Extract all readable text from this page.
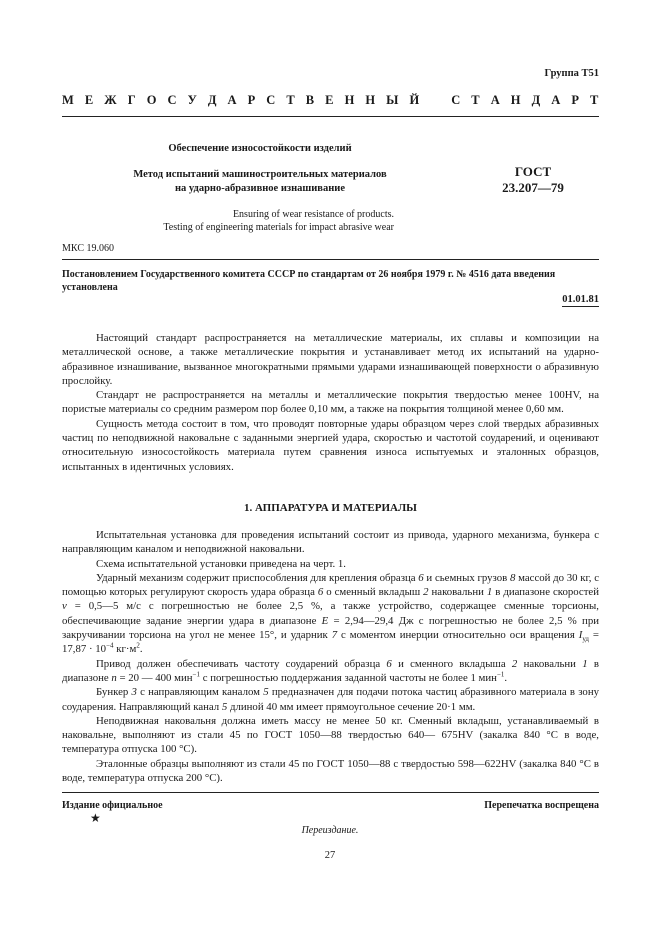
Группа Т51
М Е Ж Г О С У Д А Р С Т В Е Н Н Ы Й   С Т А Н Д А Р Т
Обеспечение износостойкости изделий
Метод испытаний машиностроительных материалов
на ударно-абразивное изнашивание
ГОСТ
23.207—79
Ensuring of wear resistance of products.
Testing of engineering materials for impact abrasive wear
МКС 19.060
Постановлением Государственного комитета СССР по стандартам от 26 ноября 1979 г. № 4516 дата введения
установлена
01.01.81

Настоящий стандарт распространяется на металлические материалы, их сплавы и композиции на металлической основе, а также металлические покрытия и устанавливает метод их испытаний на ударно-абразивное изнашивание, вызванное многократными прямыми ударами изнашивающей поверхности о абразивную прослойку.

Стандарт не распространяется на металлы и металлические покрытия твердостью менее 100HV, на пористые материалы со средним размером пор более 0,10 мм, а также на покрытия толщиной менее 0,60 мм.

Сущность метода состоит в том, что проводят повторные удары образцом через слой твердых абразивных частиц по неподвижной наковальне с заданными энергией удара, скоростью и частотой соударений, и оценивают относительную износостойкость материала путем сравнения износа испытуемых и эталонных образцов, испытанных в идентичных условиях.

1. АППАРАТУРА И МАТЕРИАЛЫ

Испытательная установка для проведения испытаний состоит из привода, ударного механизма, бункера с направляющим каналом и неподвижной наковальни.

Схема испытательной установки приведена на черт. 1.

Ударный механизм содержит приспособления для крепления образца 6 и сьемных грузов 8 массой до 30 кг, с помощью которых регулируют скорость удара образца 6 о сменный вкладыш 2 наковальни 1 в диапазоне скоростей v = 0,5—5 м/с с погрешностью не более 2,5 %, а также устройство, содержащее сменные торсионы, обеспечивающие задание энергии удара в диапазоне E = 2,94—29,4 Дж с погрешностью не более 2,5 % при закручивании торсиона на угол не менее 15°, и ударник 7 с моментом инерции относительно оси вращения $I_{уд} = 17,87 \cdot 10^{-4}$ $кг\cdot м^2$.

Привод должен обеспечивать частоту соударений образца 6 и сменного вкладыша 2 наковальни 1 в диапазоне n = 20 — 400 мин$^{-1}$ с погрешностью поддержания заданной частоты не более 1 мин$^{-1}$.

Бункер 3 с направляющим каналом 5 предназначен для подачи потока частиц абразивного материала в зону соударения. Направляющий канал 5 длиной 40 мм имеет прямоугольное сечение 20·1 мм.

Неподвижная наковальня должна иметь массу не менее 50 кг. Сменный вкладыш, устанавливаемый в наковальне, выполняют из стали 45 по ГОСТ 1050—88 твердостью 640— 675HV (закалка 840 °С в воде, температура отпуска 100 °С).

Эталонные образцы выполняют из стали 45 по ГОСТ 1050—88 с твердостью 598—622HV (закалка 840 °С в воде, температура отпуска 200 °С).

Издание официальное	Перепечатка воспрещена
★
Переиздание.
27
